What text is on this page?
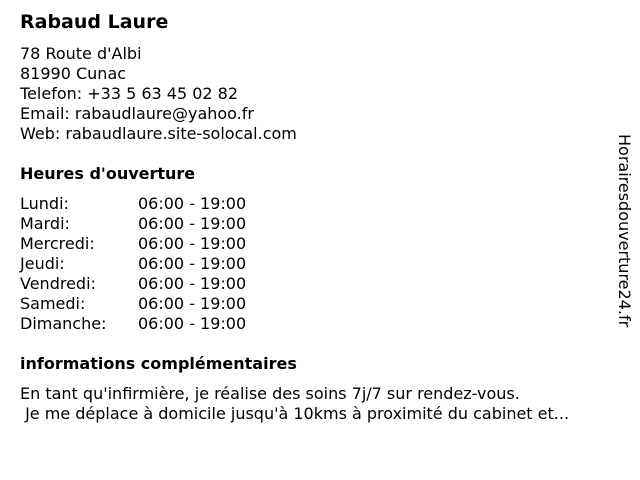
Rabaud Laure
78 Route d'Albi
81990 Cunac
Telefon: +33 5 63 45 02 82
Email: rabaudlaure@yahoo.fr
Web: rabaudlaure.site-solocal.com
Heures d'ouverture
Lundi:	06:00 - 19:00
Mardi:	06:00 - 19:00
Mercredi:	06:00 - 19:00
Jeudi:	06:00 - 19:00
Vendredi:	06:00 - 19:00
Samedi:	06:00 - 19:00
Dimanche: 06:00 - 19:00
informations complémentaires
En tant qu'infirmière, je réalise des soins 7j/7 sur rendez-vous.
Je me déplace à domicile jusqu'à 10kms à proximité du cabinet et...
Horairesdouverture24.fr
